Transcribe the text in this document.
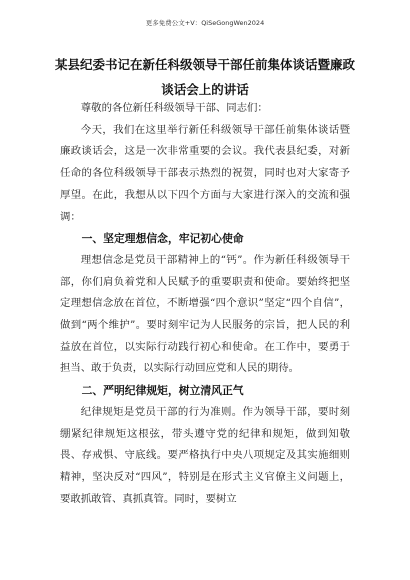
更多免费公文+V：QiSeGongWen2024
某县纪委书记在新任科级领导干部任前集体谈话暨廉政谈话会上的讲话

尊敬的各位新任科级领导干部、同志们：

今天，我们在这里举行新任科级领导干部任前集体谈话暨廉政谈话会，这是一次非常重要的会议。我代表县纪委，对新任命的各位科级领导干部表示热烈的祝贺，同时也对大家寄予厚望。在此，我想从以下四个方面与大家进行深入的交流和强调：

一、坚定理想信念，牢记初心使命

理想信念是党员干部精神上的“钙”。作为新任科级领导干部，你们肩负着党和人民赋予的重要职责和使命。要始终把坚定理想信念放在首位，不断增强“四个意识”坚定“四个自信”，做到“两个维护”。要时刻牢记为人民服务的宗旨，把人民的利益放在首位，以实际行动践行初心和使命。在工作中，要勇于担当、敢于负责，以实际行动回应党和人民的期待。

二、严明纪律规矩，树立清风正气

纪律规矩是党员干部的行为准则。作为领导干部，要时刻绷紧纪律规矩这根弦，带头遵守党的纪律和规矩，做到知敬畏、存戒惧、守底线。要严格执行中央八项规定及其实施细则精神，坚决反对“四风”，特别是在形式主义官僚主义问题上，要敢抓敢管、真抓真管。同时，要树立
